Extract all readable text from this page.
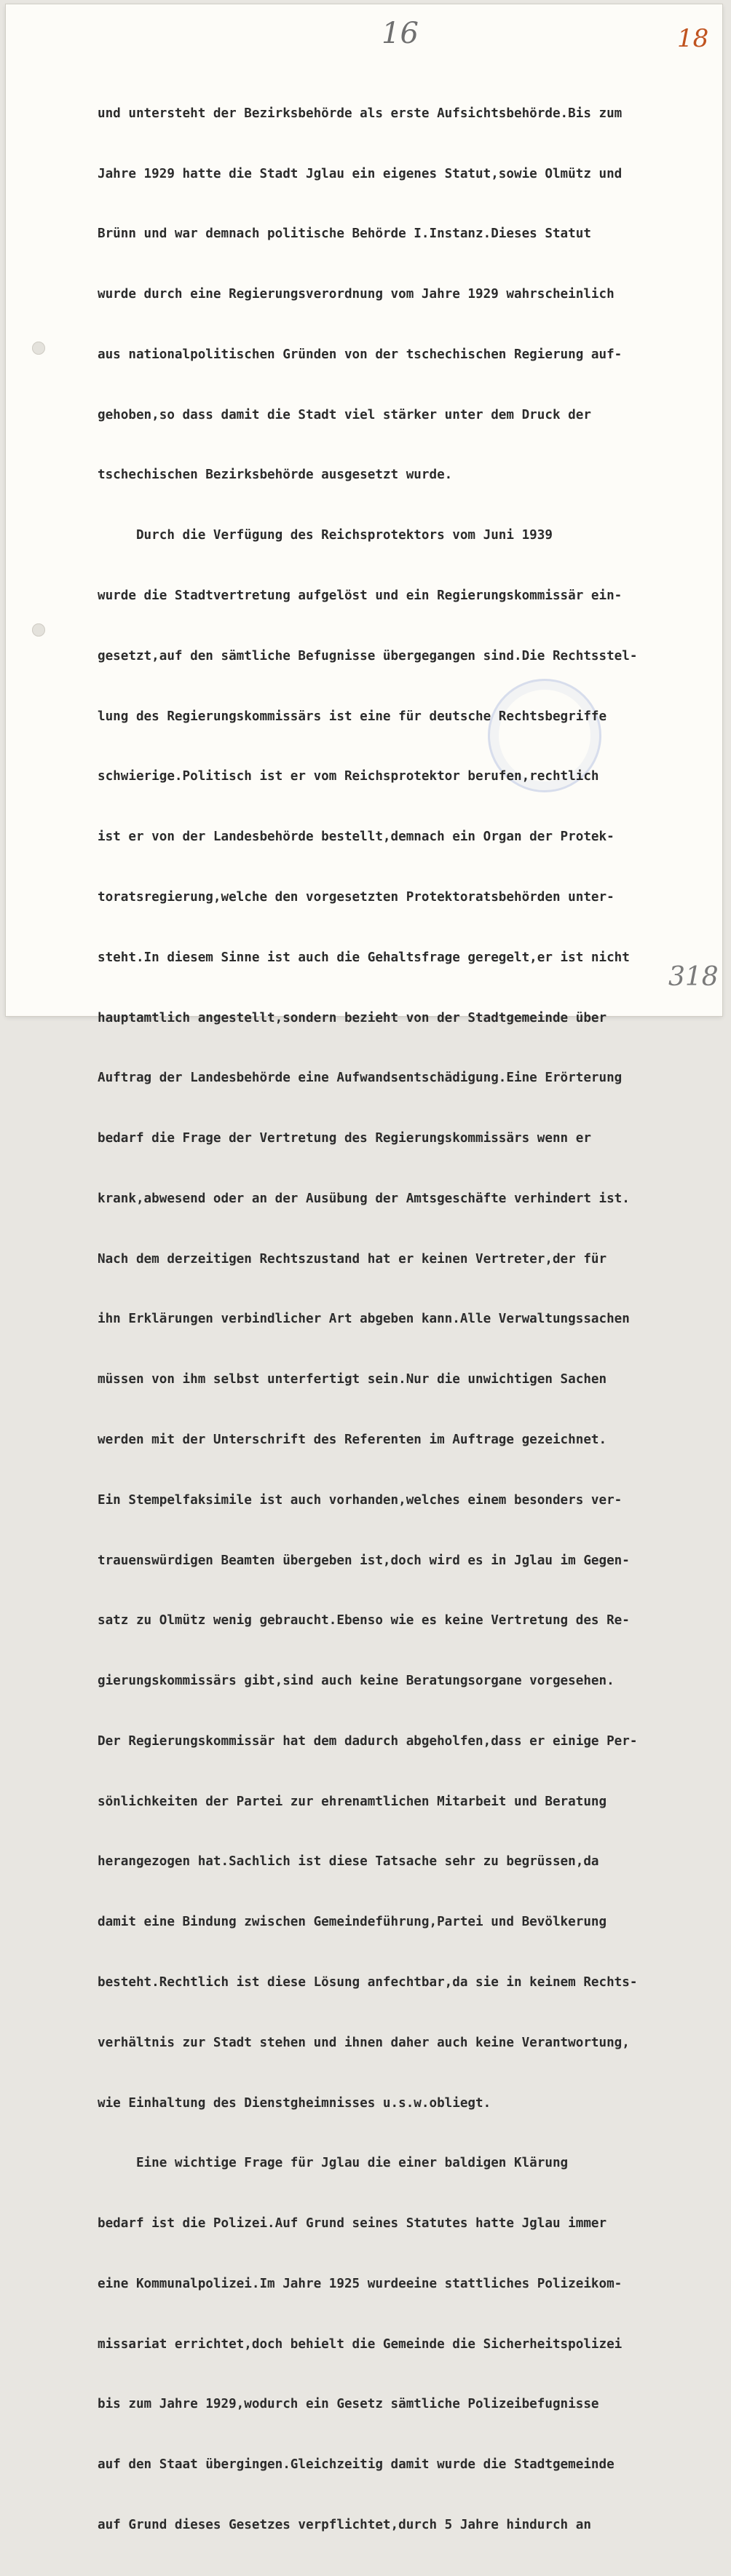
16	18
318

und untersteht der Bezirksbehörde als erste Aufsichtsbehörde.Bis zum

Jahre 1929 hatte die Stadt Jglau ein eigenes Statut,sowie Olmütz und

Brünn und war demnach politische Behörde I.Instanz.Dieses Statut

wurde durch eine Regierungsverordnung vom Jahre 1929 wahrscheinlich

aus nationalpolitischen Gründen von der tschechischen Regierung auf-

gehoben,so dass damit die Stadt viel stärker unter dem Druck der

tschechischen Bezirksbehörde ausgesetzt wurde.

Durch die Verfügung des Reichsprotektors vom Juni 1939

wurde die Stadtvertretung aufgelöst und ein Regierungskommissär ein-

gesetzt,auf den sämtliche Befugnisse übergegangen sind.Die Rechtsstel-

lung des Regierungskommissärs ist eine für deutsche Rechtsbegriffe

schwierige.Politisch ist er vom Reichsprotektor berufen,rechtlich

ist er von der Landesbehörde bestellt,demnach ein Organ der Protek-

toratsregierung,welche den vorgesetzten Protektoratsbehörden unter-

steht.In diesem Sinne ist auch die Gehaltsfrage geregelt,er ist nicht

hauptamtlich angestellt,sondern bezieht von der Stadtgemeinde über

Auftrag der Landesbehörde eine Aufwandsentschädigung.Eine Erörterung

bedarf die Frage der Vertretung des Regierungskommissärs wenn er

krank,abwesend oder an der Ausübung der Amtsgeschäfte verhindert ist.

Nach dem derzeitigen Rechtszustand hat er keinen Vertreter,der für

ihn Erklärungen verbindlicher Art abgeben kann.Alle Verwaltungssachen

müssen von ihm selbst unterfertigt sein.Nur die unwichtigen Sachen

werden mit der Unterschrift des Referenten im Auftrage gezeichnet.

Ein Stempelfaksimile ist auch vorhanden,welches einem besonders ver-

trauenswürdigen Beamten übergeben ist,doch wird es in Jglau im Gegen-

satz zu Olmütz wenig gebraucht.Ebenso wie es keine Vertretung des Re-

gierungskommissärs gibt,sind auch keine Beratungsorgane vorgesehen.

Der Regierungskommissär hat dem dadurch abgeholfen,dass er einige Per-

sönlichkeiten der Partei zur ehrenamtlichen Mitarbeit und Beratung

herangezogen hat.Sachlich ist diese Tatsache sehr zu begrüssen,da

damit eine Bindung zwischen Gemeindeführung,Partei und Bevölkerung

besteht.Rechtlich ist diese Lösung anfechtbar,da sie in keinem Rechts-

verhältnis zur Stadt stehen und ihnen daher auch keine Verantwortung,

wie Einhaltung des Dienstgheimnisses u.s.w.obliegt.

Eine wichtige Frage für Jglau die einer baldigen Klärung

bedarf ist die Polizei.Auf Grund seines Statutes hatte Jglau immer

eine Kommunalpolizei.Im Jahre 1925 wurdeeine stattliches Polizeikom-

missariat errichtet,doch behielt die Gemeinde die Sicherheitspolizei

bis zum Jahre 1929,wodurch ein Gesetz sämtliche Polizeibefugnisse

auf den Staat übergingen.Gleichzeitig damit wurde die Stadtgemeinde

auf Grund dieses Gesetzes verpflichtet,durch 5 Jahre hindurch an
